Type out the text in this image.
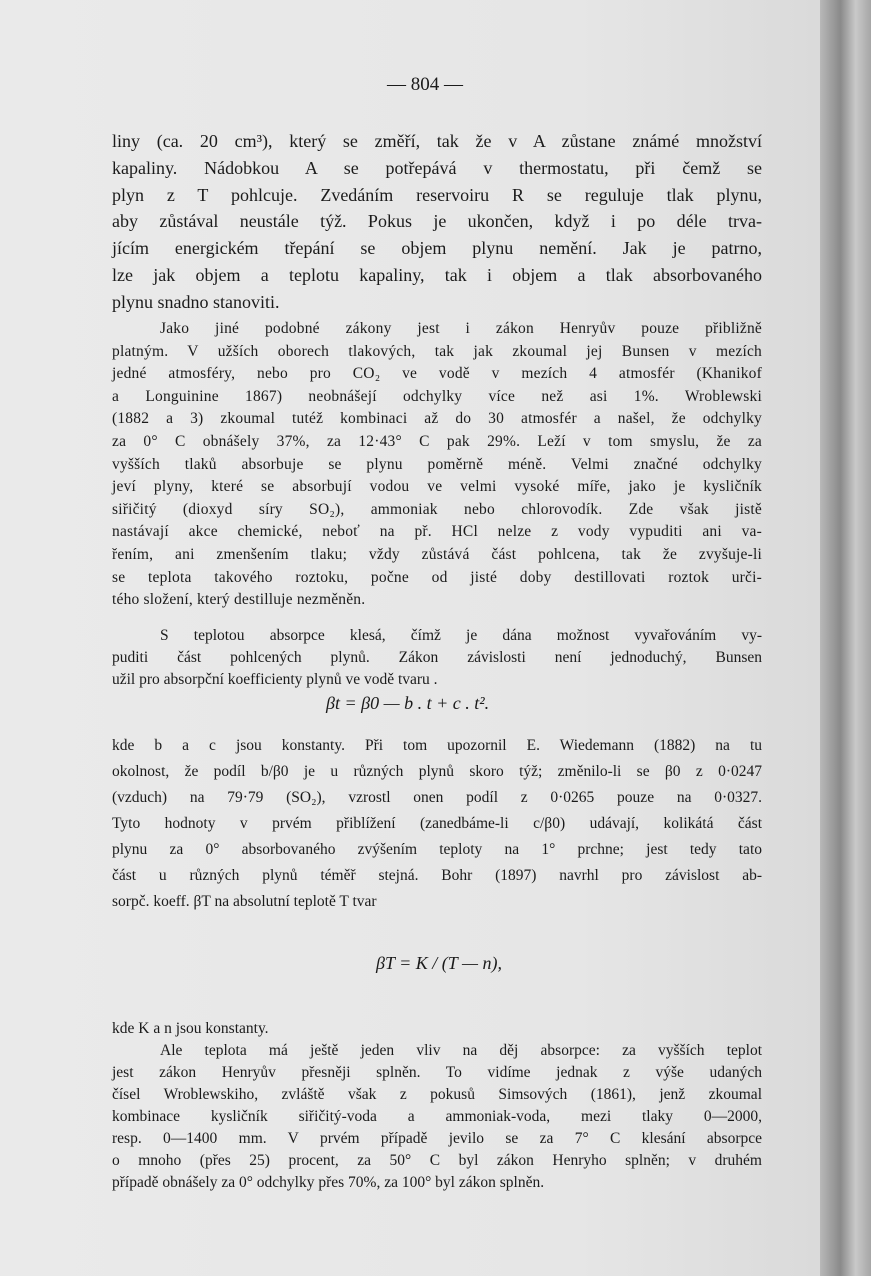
— 804 —
liny (ca. 20 cm³), který se změří, tak že v A zůstane známé množství
kapaliny. Nádobkou A se potřepává v thermostatu, při čemž se
plyn z T pohlcuje. Zvedáním reservoiru R se reguluje tlak plynu,
aby zůstával neustále týž. Pokus je ukončen, když i po déle trva-
jícím energickém třepání se objem plynu nemění. Jak je patrno,
lze jak objem a teplotu kapaliny, tak i objem a tlak absorbovaného
plynu snadno stanoviti.
Jako jiné podobné zákony jest i zákon Henryův pouze přibližně
platným. V užších oborech tlakových, tak jak zkoumal jej Bunsen v mezích
jedné atmosféry, nebo pro CO₂ ve vodě v mezích 4 atmosfér (Khanikof
a Longuinine 1867) neobnášejí odchylky více než asi 1%. Wroblewski
(1882 a 3) zkoumal tutéž kombinaci až do 30 atmosfér a našel, že odchylky
za 0° C obnášely 37%, za 12·43° C pak 29%. Leží v tom smyslu, že za
vyšších tlaků absorbuje se plynu poměrně méně. Velmi značné odchylky
jeví plyny, které se absorbují vodou ve velmi vysoké míře, jako je kysličník
siřičitý (dioxyd síry SO₂), ammoniak nebo chlorovodík. Zde však jistě
nastávají akce chemické, neboť na př. HCl nelze z vody vypuditi ani va-
řením, ani zmenšením tlaku; vždy zůstává část pohlcena, tak že zvyšuje-li
se teplota takového roztoku, počne od jisté doby destillovati roztok urči-
tého složení, který destilluje nezměněn.
S teplotou absorpce klesá, čímž je dána možnost vyvařováním vy-
puditi část pohlcených plynů. Zákon závislosti není jednoduchý, Bunsen
užil pro absorpční koefficienty plynů ve vodě tvaru .
βt = β0 — b . t + c . t².
kde b a c jsou konstanty. Při tom upozornil E. Wiedemann (1882) na tu
okolnost, že podíl b/β0 je u různých plynů skoro týž; změnilo-li se β0 z 0·0247
(vzduch) na 79·79 (SO₂), vzrostl onen podíl z 0·0265 pouze na 0·0327.
Tyto hodnoty v prvém přiblížení (zanedbáme-li c/β0) udávají, kolikátá část
plynu za 0° absorbovaného zvýšením teploty na 1° prchne; jest tedy tato
část u různých plynů téměř stejná. Bohr (1897) navrhl pro závislost ab-
sorpč. koeff. βT na absolutní teplotě T tvar
βT = K / (T — n),
kde K a n jsou konstanty.
Ale teplota má ještě jeden vliv na děj absorpce: za vyšších teplot
jest zákon Henryův přesněji splněn. To vidíme jednak z výše udaných
čísel Wroblewskiho, zvláště však z pokusů Simsových (1861), jenž zkoumal
kombinace kysličník siřičitý-voda a ammoniak-voda, mezi tlaky 0—2000,
resp. 0—1400 mm. V prvém případě jevilo se za 7° C klesání absorpce
o mnoho (přes 25) procent, za 50° C byl zákon Henryho splněn; v druhém
případě obnášely za 0° odchylky přes 70%, za 100° byl zákon splněn.
